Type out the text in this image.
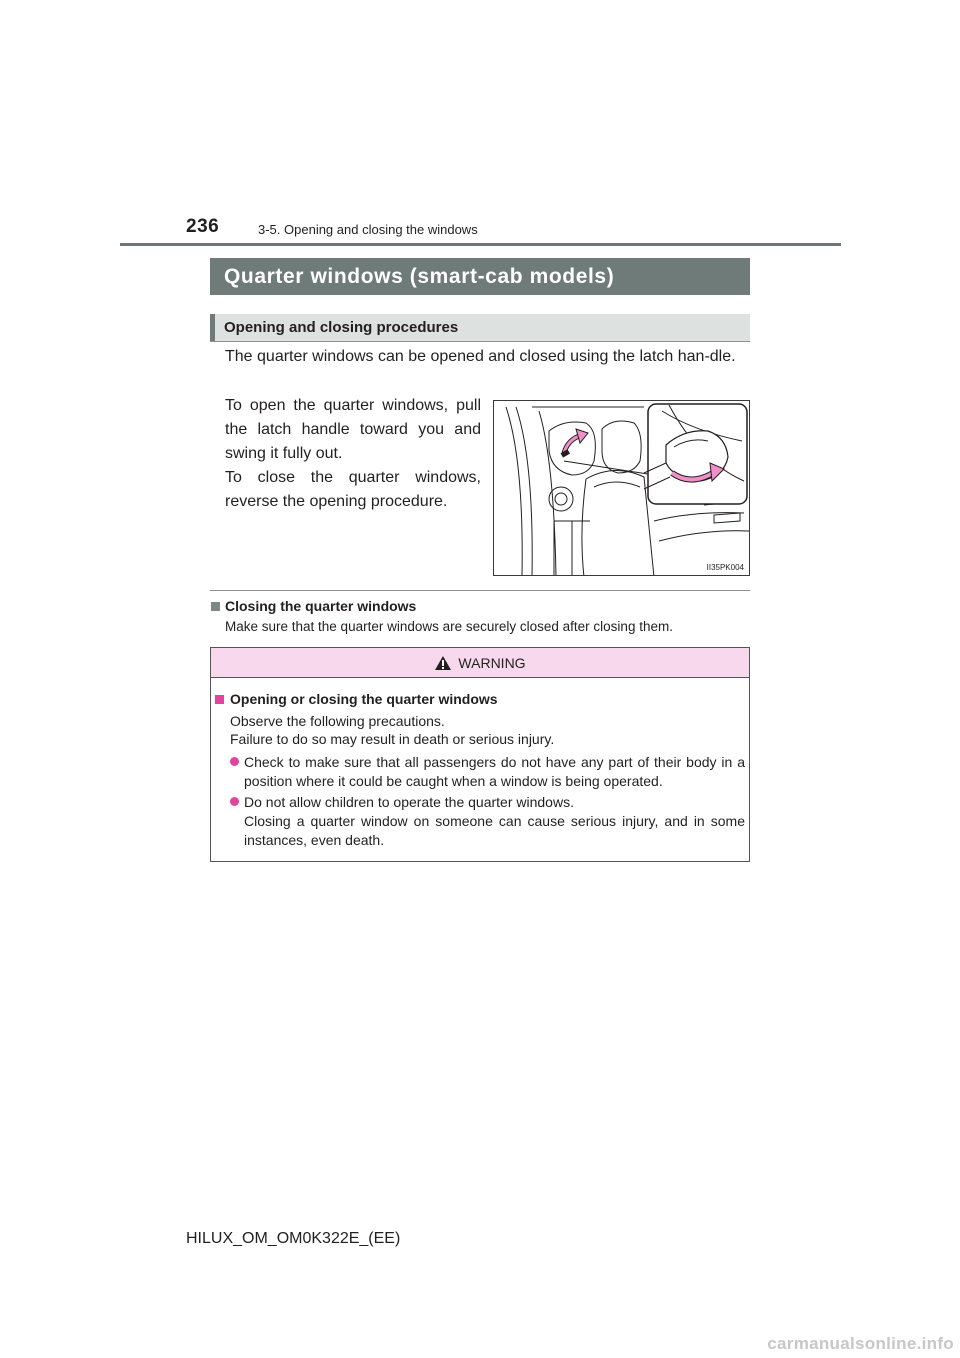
236	3-5. Opening and closing the windows
Quarter windows (smart-cab models)
Opening and closing procedures
The quarter windows can be opened and closed using the latch han-dle.
To open the quarter windows, pull the latch handle toward you and swing it fully out.
To close the quarter windows, reverse the opening procedure.
II35PK004
Closing the quarter windows
Make sure that the quarter windows are securely closed after closing them.
WARNING
Opening or closing the quarter windows
Observe the following precautions.
Failure to do so may result in death or serious injury.
Check to make sure that all passengers do not have any part of their body in a position where it could be caught when a window is being operated.
Do not allow children to operate the quarter windows.
Closing a quarter window on someone can cause serious injury, and in some instances, even death.
HILUX_OM_OM0K322E_(EE)
carmanualsonline.info
